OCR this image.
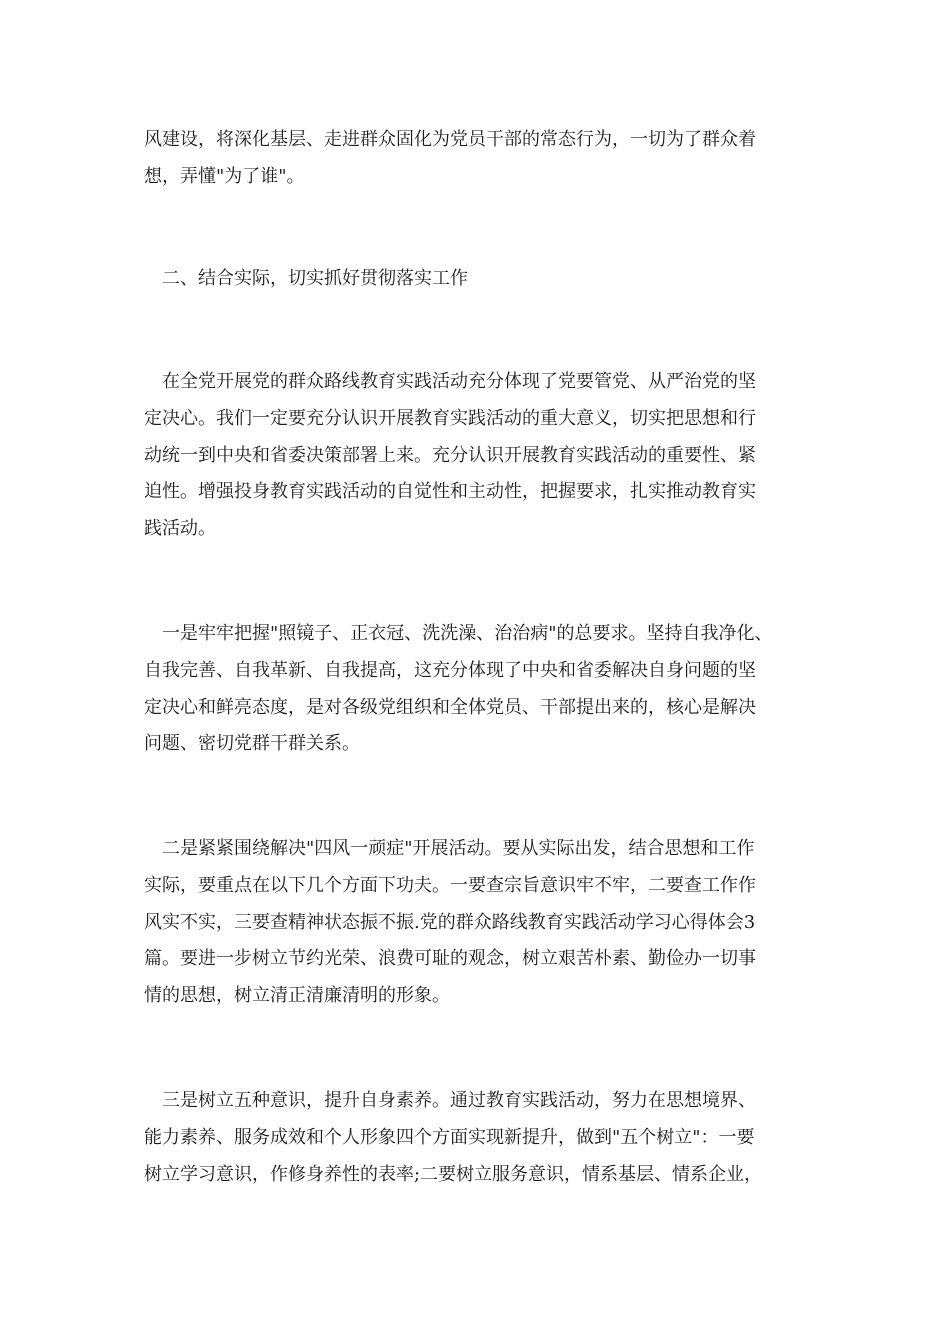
风建设，将深化基层、走进群众固化为党员干部的常态行为，一切为了群众着
想，弄懂"为了谁"。

　二、结合实际，切实抓好贯彻落实工作

　在全党开展党的群众路线教育实践活动充分体现了党要管党、从严治党的坚
定决心。我们一定要充分认识开展教育实践活动的重大意义，切实把思想和行
动统一到中央和省委决策部署上来。充分认识开展教育实践活动的重要性、紧
迫性。增强投身教育实践活动的自觉性和主动性，把握要求，扎实推动教育实
践活动。

　一是牢牢把握"照镜子、正衣冠、洗洗澡、治治病"的总要求。坚持自我净化、
自我完善、自我革新、自我提高，这充分体现了中央和省委解决自身问题的坚
定决心和鲜亮态度，是对各级党组织和全体党员、干部提出来的，核心是解决
问题、密切党群干群关系。

　二是紧紧围绕解决"四风一顽症"开展活动。要从实际出发，结合思想和工作
实际，要重点在以下几个方面下功夫。一要查宗旨意识牢不牢，二要查工作作
风实不实，三要查精神状态振不振.党的群众路线教育实践活动学习心得体会3
篇。要进一步树立节约光荣、浪费可耻的观念，树立艰苦朴素、勤俭办一切事
情的思想，树立清正清廉清明的形象。

　三是树立五种意识，提升自身素养。通过教育实践活动，努力在思想境界、
能力素养、服务成效和个人形象四个方面实现新提升，做到"五个树立"：一要
树立学习意识，作修身养性的表率;二要树立服务意识，情系基层、情系企业，
